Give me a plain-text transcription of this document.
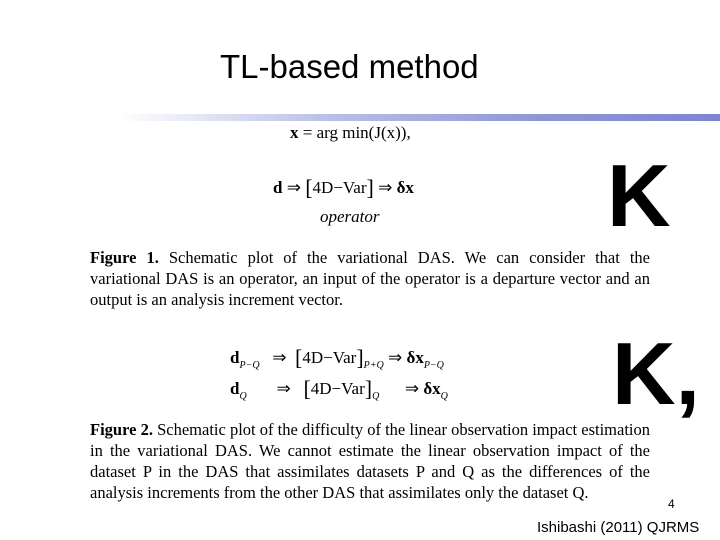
TL-based method
x = arg min(J(x)),
d ⇒ [4D−Var] ⇒ δx
operator
Figure 1. Schematic plot of the variational DAS. We can consider that the variational DAS is an operator, an input of the operator is a departure vector and an output is an analysis increment vector.
$d_{P-Q}$ ⇒ $[4D-Var]_{P+Q}$ ⇒ $\delta x_{P-Q}$
$d_Q$ ⇒ $[4D-Var]_Q$ ⇒ $\delta x_Q$
Figure 2. Schematic plot of the difficulty of the linear observation impact estimation in the variational DAS. We cannot estimate the linear observation impact of the dataset P in the DAS that assimilates datasets P and Q as the differences of the analysis increments from the other DAS that assimilates only the dataset Q.
K
K,
4
Ishibashi (2011) QJRMS
